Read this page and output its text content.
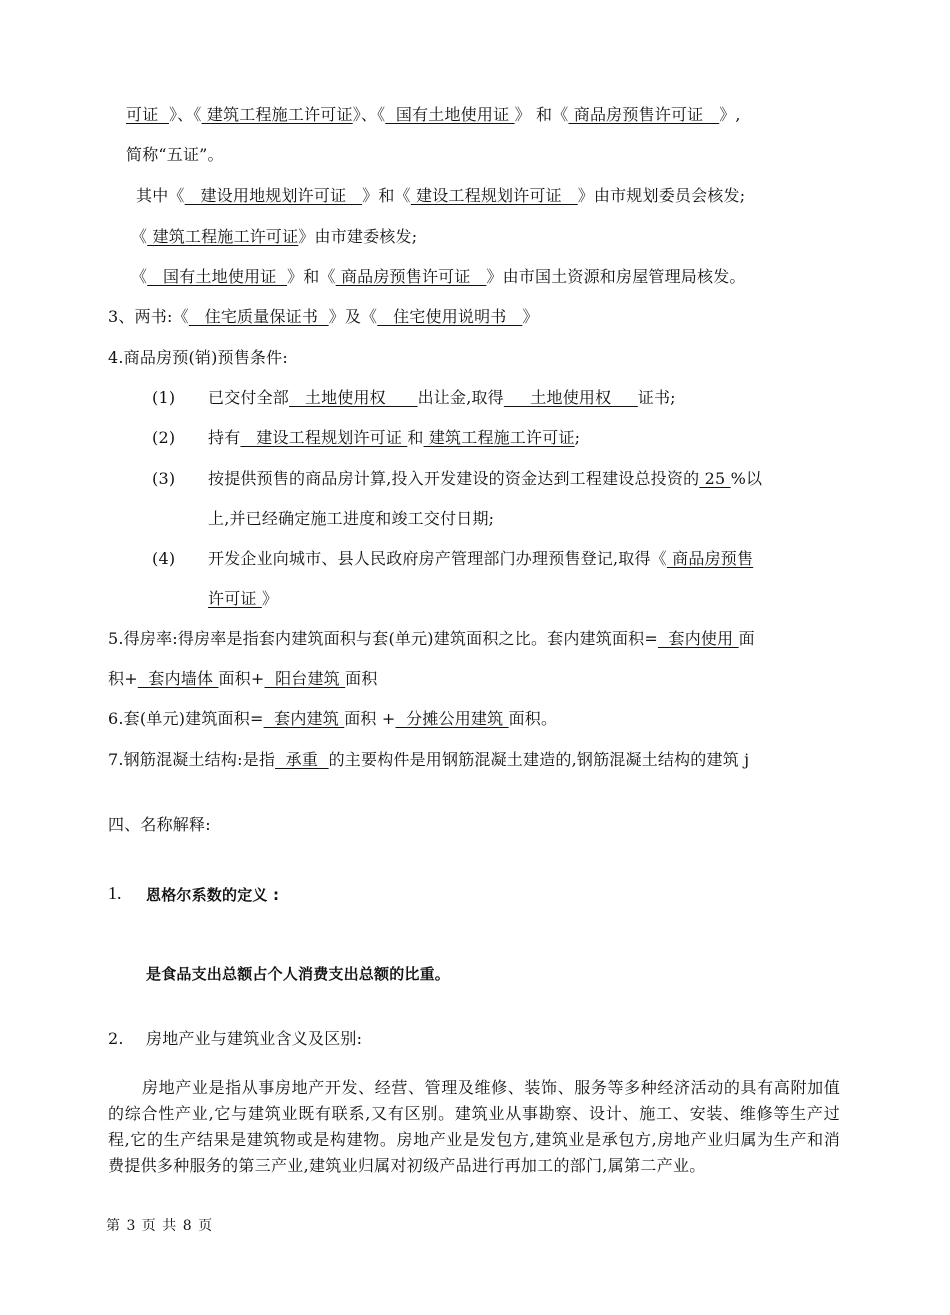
可证  》、《 建筑工程施工许可证》、《  国有土地使用证 》 和《 商品房预售许可证   》,
简称“五证”。
其中《   建设用地规划许可证   》和《 建设工程规划许可证   》由市规划委员会核发;
《 建筑工程施工许可证》由市建委核发;
《   国有土地使用证  》和《 商品房预售许可证   》由市国土资源和房屋管理局核发。
3、两书:《   住宅质量保证书  》及《   住宅使用说明书   》
4.商品房预(销)预售条件:
(1) 已交付全部   土地使用权      出让金,取得     土地使用权     证书;
(2) 持有   建设工程规划许可证 和 建筑工程施工许可证;
(3) 按提供预售的商品房计算,投入开发建设的资金达到工程建设总投资的 25 %以
上,并已经确定施工进度和竣工交付日期;
(4) 开发企业向城市、县人民政府房产管理部门办理预售登记,取得《 商品房预售
许可证 》
5.得房率:得房率是指套内建筑面积与套(单元)建筑面积之比。套内建筑面积=  套内使用 面
积+  套内墙体 面积+  阳台建筑 面积
6.套(单元)建筑面积=  套内建筑 面积 +  分摊公用建筑 面积。
7.钢筋混凝土结构:是指  承重  的主要构件是用钢筋混凝土建造的,钢筋混凝土结构的建筑 j
四、名称解释:
1. 恩格尔系数的定义 :
是食品支出总额占个人消费支出总额的比重。
2. 房地产业与建筑业含义及区别:
房地产业是指从事房地产开发、经营、管理及维修、装饰、服务等多种经济活动的具有高附加值的综合性产业,它与建筑业既有联系,又有区别。建筑业从事勘察、设计、施工、安装、维修等生产过程,它的生产结果是建筑物或是构建物。房地产业是发包方,建筑业是承包方,房地产业归属为生产和消费提供多种服务的第三产业,建筑业归属对初级产品进行再加工的部门,属第二产业。
第 3 页 共 8 页
